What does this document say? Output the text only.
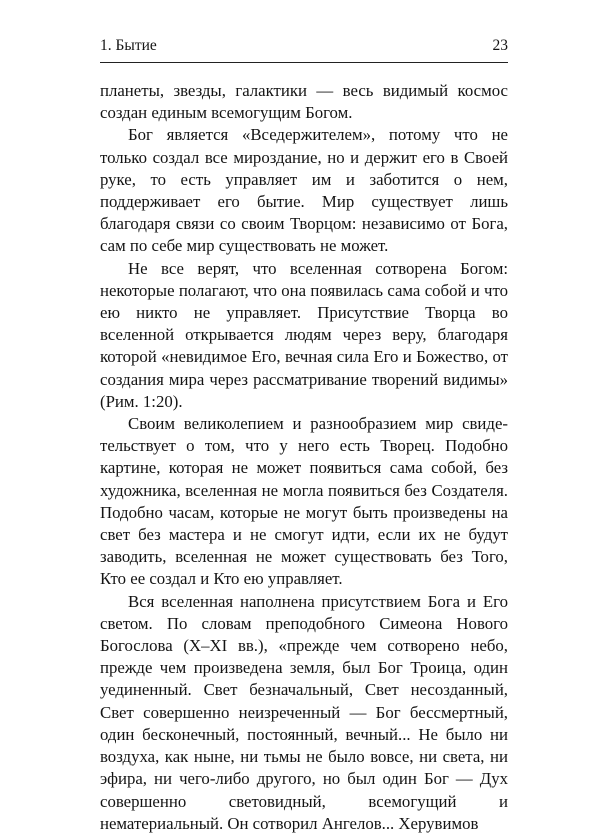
1. Бытие	23

планеты, звезды, галактики — весь видимый космос создан единым всемогущим Богом.

Бог является «Вседержителем», потому что не только создал все мироздание, но и держит его в Своей руке, то есть управляет им и заботится о нем, поддерживает его бытие. Мир существует лишь благодаря связи со своим Творцом: независимо от Бога, сам по себе мир существовать не может.

Не все верят, что вселенная сотворена Богом: некоторые полагают, что она появилась сама собой и что ею никто не управляет. Присутствие Творца во вселенной открывается людям через веру, благодаря которой «невидимое Его, вечная сила Его и Божество, от создания мира через рассматривание творений видимы» (Рим. 1:20).

Своим великолепием и разнообразием мир свидетельствует о том, что у него есть Творец. Подобно картине, которая не может появиться сама собой, без художника, вселенная не могла появиться без Создателя. Подобно часам, которые не могут быть произведены на свет без мастера и не смогут идти, если их не будут заводить, вселенная не может существовать без Того, Кто ее создал и Кто ею управляет.

Вся вселенная наполнена присутствием Бога и Его светом. По словам преподобного Симеона Нового Богослова (X–XI вв.), «прежде чем сотворено небо, прежде чем произведена земля, был Бог Троица, один уединенный. Свет безначальный, Свет несозданный, Свет совершенно неизреченный — Бог бессмертный, один бесконечный, постоянный, вечный... Не было ни воздуха, как ныне, ни тьмы не было вовсе, ни света, ни эфира, ни чего-либо другого, но был один Бог — Дух совершенно световидный, всемогущий и нематериальный. Он сотворил Ангелов... Херувимов
